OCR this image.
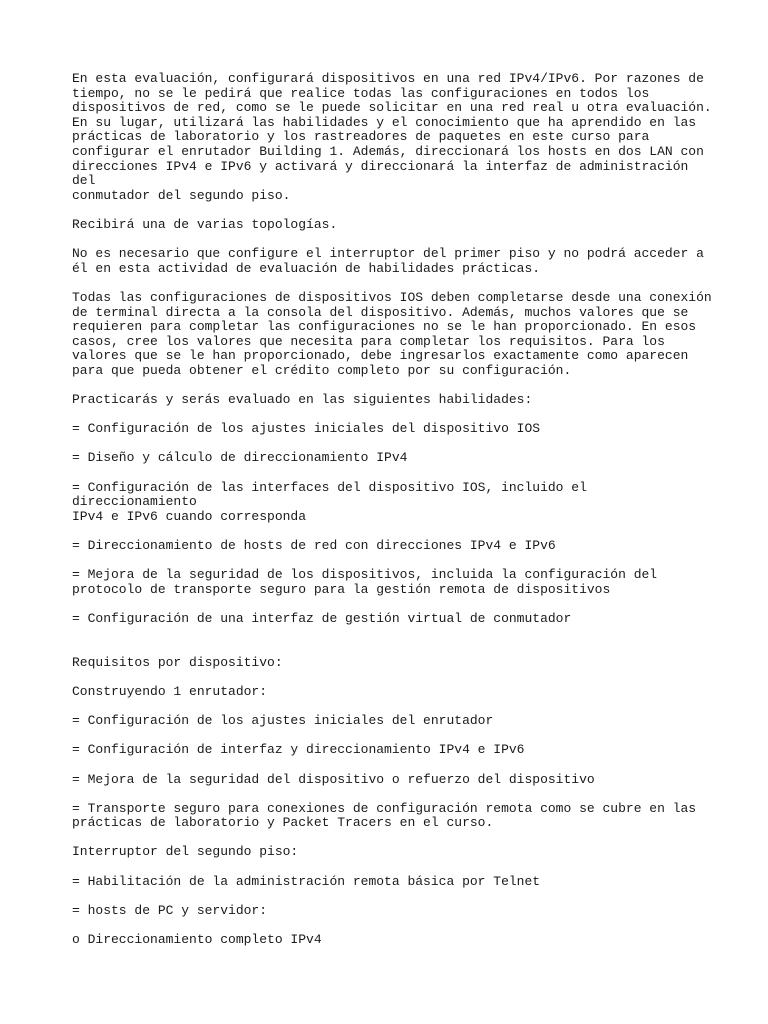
En esta evaluación, configurará dispositivos en una red IPv4/IPv6. Por razones de
tiempo, no se le pedirá que realice todas las configuraciones en todos los
dispositivos de red, como se le puede solicitar en una red real u otra evaluación.
En su lugar, utilizará las habilidades y el conocimiento que ha aprendido en las
prácticas de laboratorio y los rastreadores de paquetes en este curso para
configurar el enrutador Building 1. Además, direccionará los hosts en dos LAN con
direcciones IPv4 e IPv6 y activará y direccionará la interfaz de administración del
conmutador del segundo piso.

Recibirá una de varias topologías.

No es necesario que configure el interruptor del primer piso y no podrá acceder a
él en esta actividad de evaluación de habilidades prácticas.

Todas las configuraciones de dispositivos IOS deben completarse desde una conexión
de terminal directa a la consola del dispositivo. Además, muchos valores que se
requieren para completar las configuraciones no se le han proporcionado. En esos
casos, cree los valores que necesita para completar los requisitos. Para los
valores que se le han proporcionado, debe ingresarlos exactamente como aparecen
para que pueda obtener el crédito completo por su configuración.

Practicarás y serás evaluado en las siguientes habilidades:

= Configuración de los ajustes iniciales del dispositivo IOS

= Diseño y cálculo de direccionamiento IPv4

= Configuración de las interfaces del dispositivo IOS, incluido el direccionamiento
IPv4 e IPv6 cuando corresponda

= Direccionamiento de hosts de red con direcciones IPv4 e IPv6

= Mejora de la seguridad de los dispositivos, incluida la configuración del
protocolo de transporte seguro para la gestión remota de dispositivos

= Configuración de una interfaz de gestión virtual de conmutador

Requisitos por dispositivo:

Construyendo 1 enrutador:

= Configuración de los ajustes iniciales del enrutador

= Configuración de interfaz y direccionamiento IPv4 e IPv6

= Mejora de la seguridad del dispositivo o refuerzo del dispositivo

= Transporte seguro para conexiones de configuración remota como se cubre en las
prácticas de laboratorio y Packet Tracers en el curso.

Interruptor del segundo piso:

= Habilitación de la administración remota básica por Telnet

= hosts de PC y servidor:

o Direccionamiento completo IPv4
